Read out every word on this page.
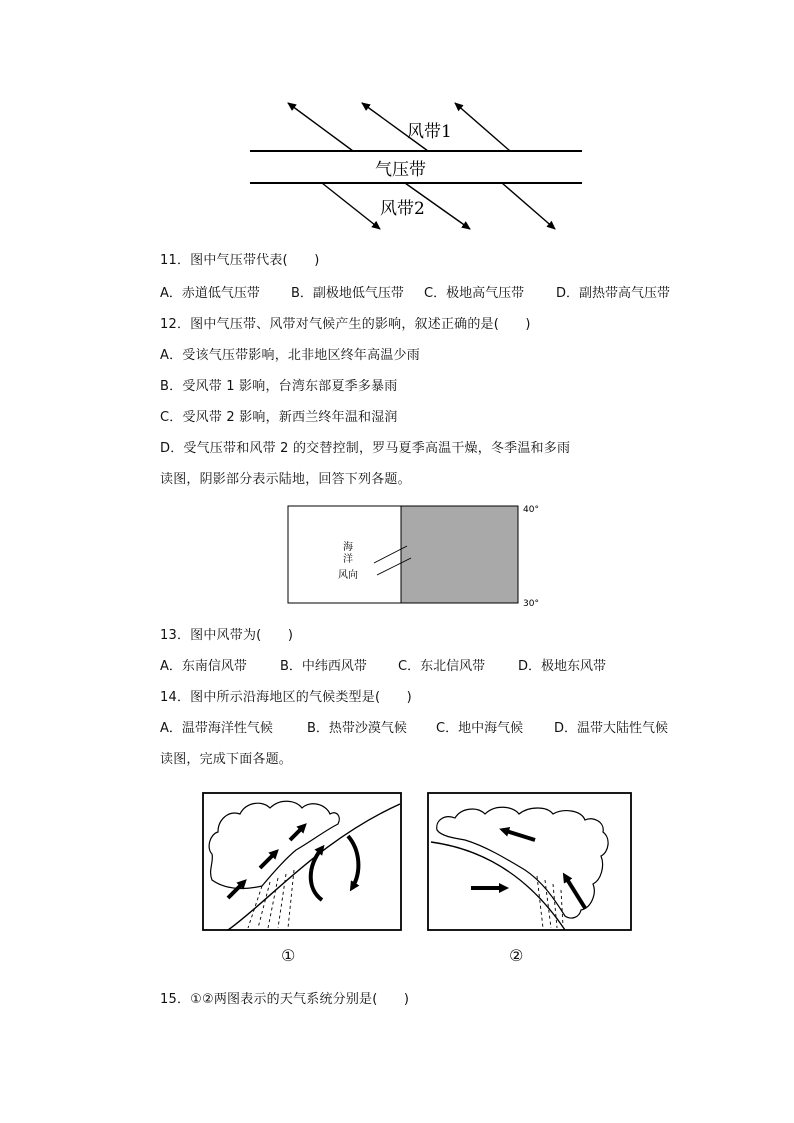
风带1
气压带
风带2
11．图中气压带代表(　　)
A．赤道低气压带 B．副极地低气压带 C．极地高气压带 D．副热带高气压带
12．图中气压带、风带对气候产生的影响，叙述正确的是(　　)
A．受该气压带影响，北非地区终年高温少雨
B．受风带 1 影响，台湾东部夏季多暴雨
C．受风带 2 影响，新西兰终年温和湿润
D．受气压带和风带 2 的交替控制，罗马夏季高温干燥，冬季温和多雨
读图，阴影部分表示陆地，回答下列各题。
海
洋
风向
40°
30°
13．图中风带为(　　)
A．东南信风带	B．中纬西风带 C．东北信风带	D．极地东风带
14．图中所示沿海地区的气候类型是(　　)
A．温带海洋性气候	B．热带沙漠气候 C．地中海气候 D．温带大陆性气候
读图，完成下面各题。
①	②
15．①②两图表示的天气系统分别是(　　)
